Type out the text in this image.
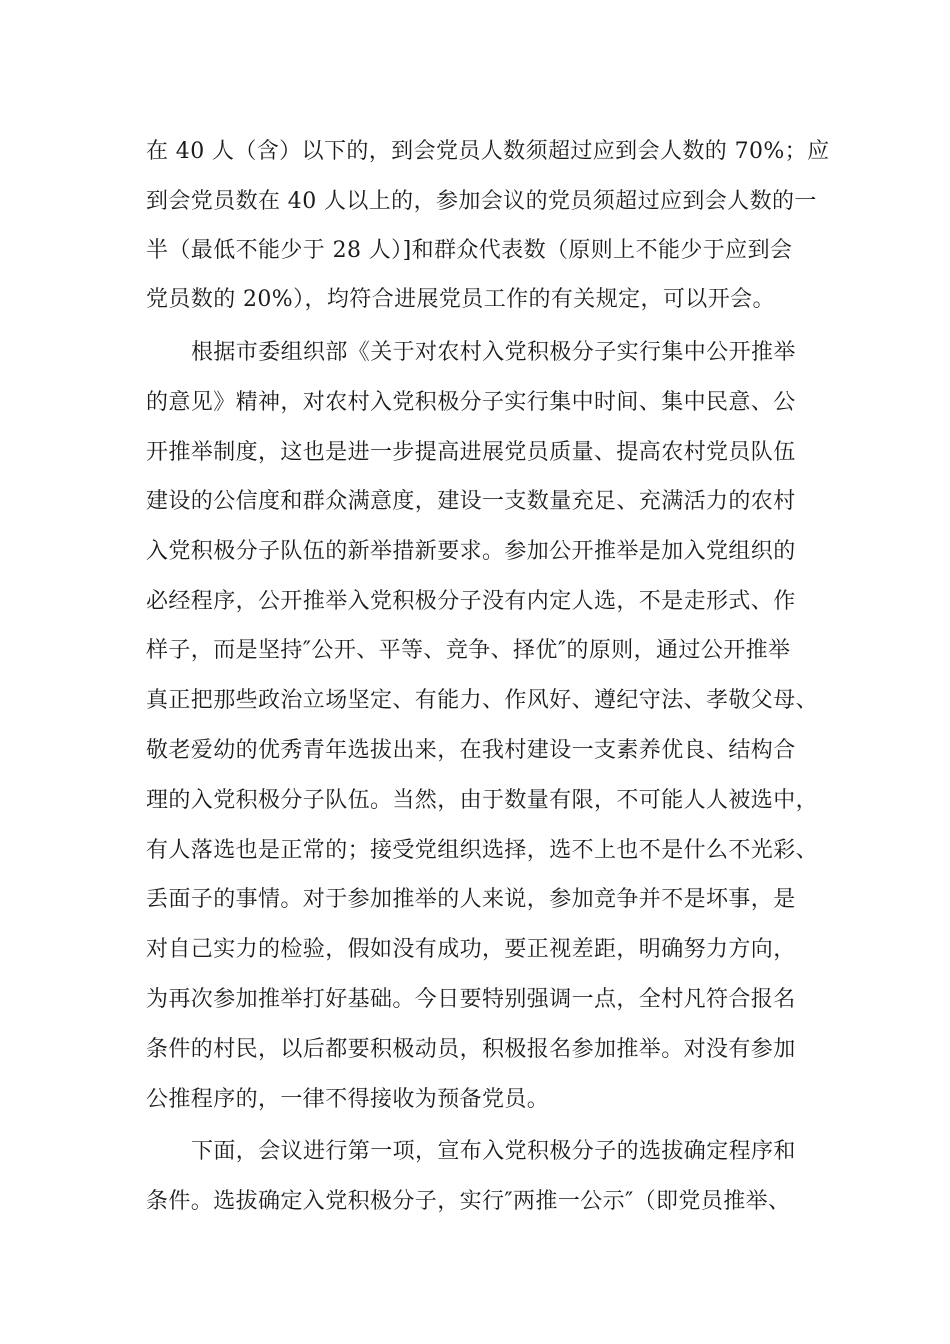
在 40 人（含）以下的，到会党员人数须超过应到会人数的 70%；应
到会党员数在 40 人以上的，参加会议的党员须超过应到会人数的一
半（最低不能少于 28 人）]和群众代表数（原则上不能少于应到会
党员数的 20%），均符合进展党员工作的有关规定，可以开会。
根据市委组织部《关于对农村入党积极分子实行集中公开推举
的意见》精神，对农村入党积极分子实行集中时间、集中民意、公
开推举制度，这也是进一步提高进展党员质量、提高农村党员队伍
建设的公信度和群众满意度，建设一支数量充足、充满活力的农村
入党积极分子队伍的新举措新要求。参加公开推举是加入党组织的
必经程序，公开推举入党积极分子没有内定人选，不是走形式、作
样子，而是坚持″公开、平等、竞争、择优″的原则，通过公开推举
真正把那些政治立场坚定、有能力、作风好、遵纪守法、孝敬父母、
敬老爱幼的优秀青年选拔出来，在我村建设一支素养优良、结构合
理的入党积极分子队伍。当然，由于数量有限，不可能人人被选中，
有人落选也是正常的；接受党组织选择，选不上也不是什么不光彩、
丢面子的事情。对于参加推举的人来说，参加竞争并不是坏事，是
对自己实力的检验，假如没有成功，要正视差距，明确努力方向，
为再次参加推举打好基础。今日要特别强调一点，全村凡符合报名
条件的村民，以后都要积极动员，积极报名参加推举。对没有参加
公推程序的，一律不得接收为预备党员。
下面，会议进行第一项，宣布入党积极分子的选拔确定程序和
条件。选拔确定入党积极分子，实行″两推一公示″（即党员推举、
